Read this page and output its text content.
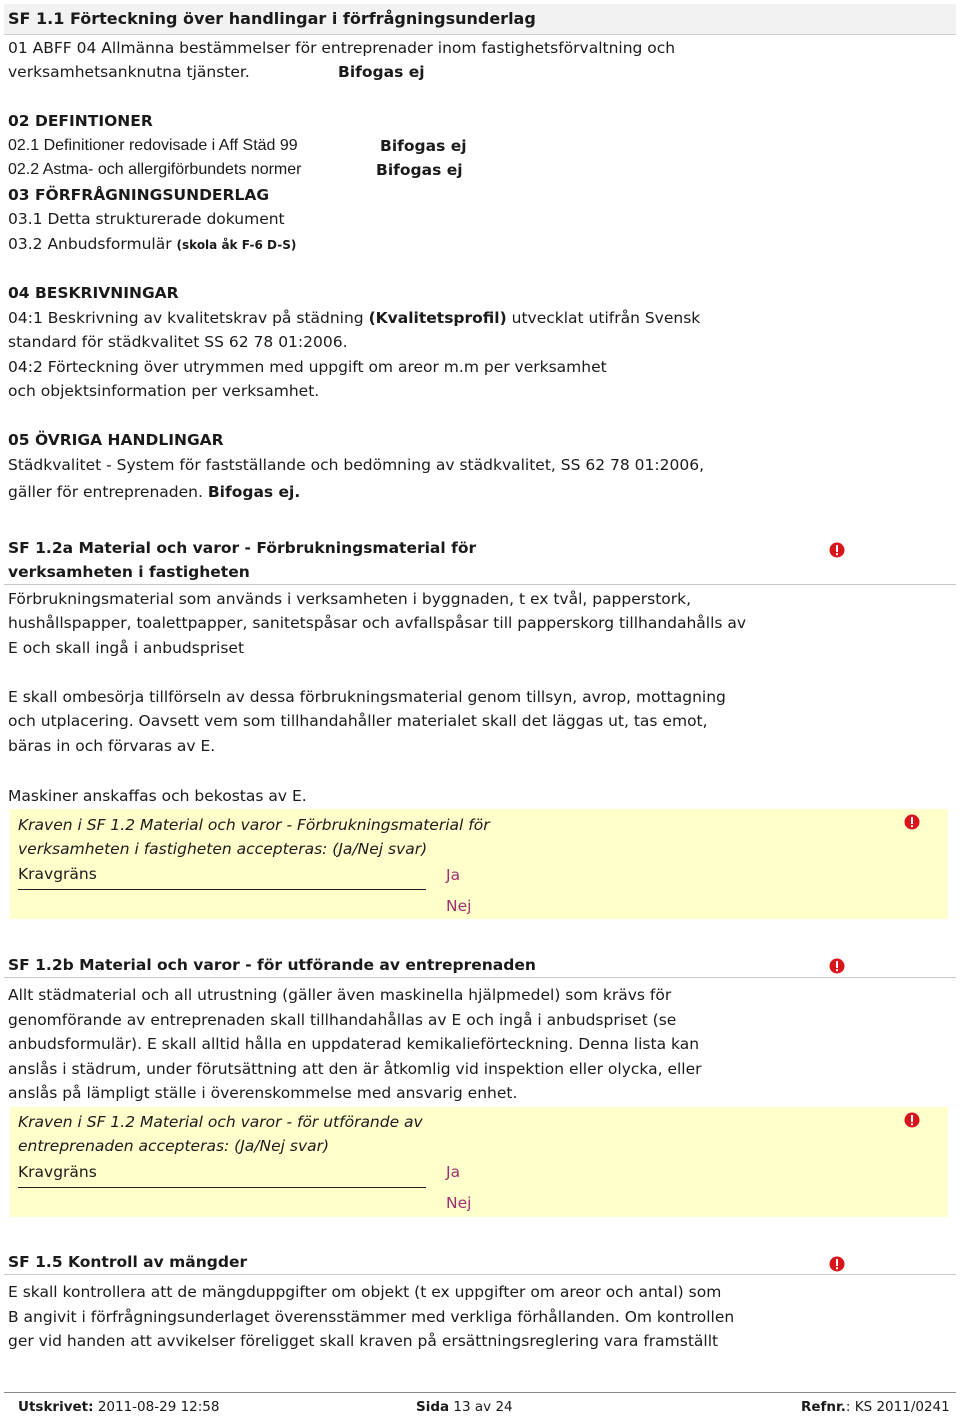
SF 1.1 Förteckning över handlingar i förfrågningsunderlag
01 ABFF 04 Allmänna bestämmelser för entreprenader inom fastighetsförvaltning och
verksamhetsanknutna tjänster.	Bifogas ej
02 DEFINTIONER
02.1 Definitioner redovisade i Aff Städ 99	Bifogas ej
02.2 Astma- och allergiförbundets normer	Bifogas ej
03 FÖRFRÅGNINGSUNDERLAG
03.1 Detta strukturerade dokument
03.2 Anbudsformulär (skola åk F-6 D-S)
04 BESKRIVNINGAR
04:1 Beskrivning av kvalitetskrav på städning (Kvalitetsprofil) utvecklat utifrån Svensk
standard för städkvalitet SS 62 78 01:2006.
04:2 Förteckning över utrymmen med uppgift om areor m.m per verksamhet
och objektsinformation per verksamhet.
05 ÖVRIGA HANDLINGAR
Städkvalitet - System för fastställande och bedömning av städkvalitet, SS 62 78 01:2006,
gäller för entreprenaden. Bifogas ej.
SF 1.2a Material och varor - Förbrukningsmaterial för
verksamheten i fastigheten
Förbrukningsmaterial som används i verksamheten i byggnaden, t ex tvål, papperstork,
hushållspapper, toalettpapper, sanitetspåsar och avfallspåsar till papperskorg tillhandahålls av
E och skall ingå i anbudspriset
E skall ombesörja tillförseln av dessa förbrukningsmaterial genom tillsyn, avrop, mottagning
och utplacering. Oavsett vem som tillhandahåller materialet skall det läggas ut, tas emot,
bäras in och förvaras av E.
Maskiner anskaffas och bekostas av E.
Kraven i SF 1.2 Material och varor - Förbrukningsmaterial för
verksamheten i fastigheten accepteras: (Ja/Nej svar)
Kravgräns	Ja
Nej
SF 1.2b Material och varor - för utförande av entreprenaden
Allt städmaterial och all utrustning (gäller även maskinella hjälpmedel) som krävs för
genomförande av entreprenaden skall tillhandahållas av E och ingå i anbudspriset (se
anbudsformulär). E skall alltid hålla en uppdaterad kemikalieförteckning. Denna lista kan
anslås i städrum, under förutsättning att den är åtkomlig vid inspektion eller olycka, eller
anslås på lämpligt ställe i överenskommelse med ansvarig enhet.
Kraven i SF 1.2 Material och varor - för utförande av
entreprenaden accepteras: (Ja/Nej svar)
Kravgräns	Ja
Nej
SF 1.5 Kontroll av mängder
E skall kontrollera att de mängduppgifter om objekt (t ex uppgifter om areor och antal) som
B angivit i förfrågningsunderlaget överensstämmer med verkliga förhållanden. Om kontrollen
ger vid handen att avvikelser föreligget skall kraven på ersättningsreglering vara framställt
Utskrivet: 2011-08-29 12:58	Sida 13 av 24	Refnr.: KS 2011/0241
